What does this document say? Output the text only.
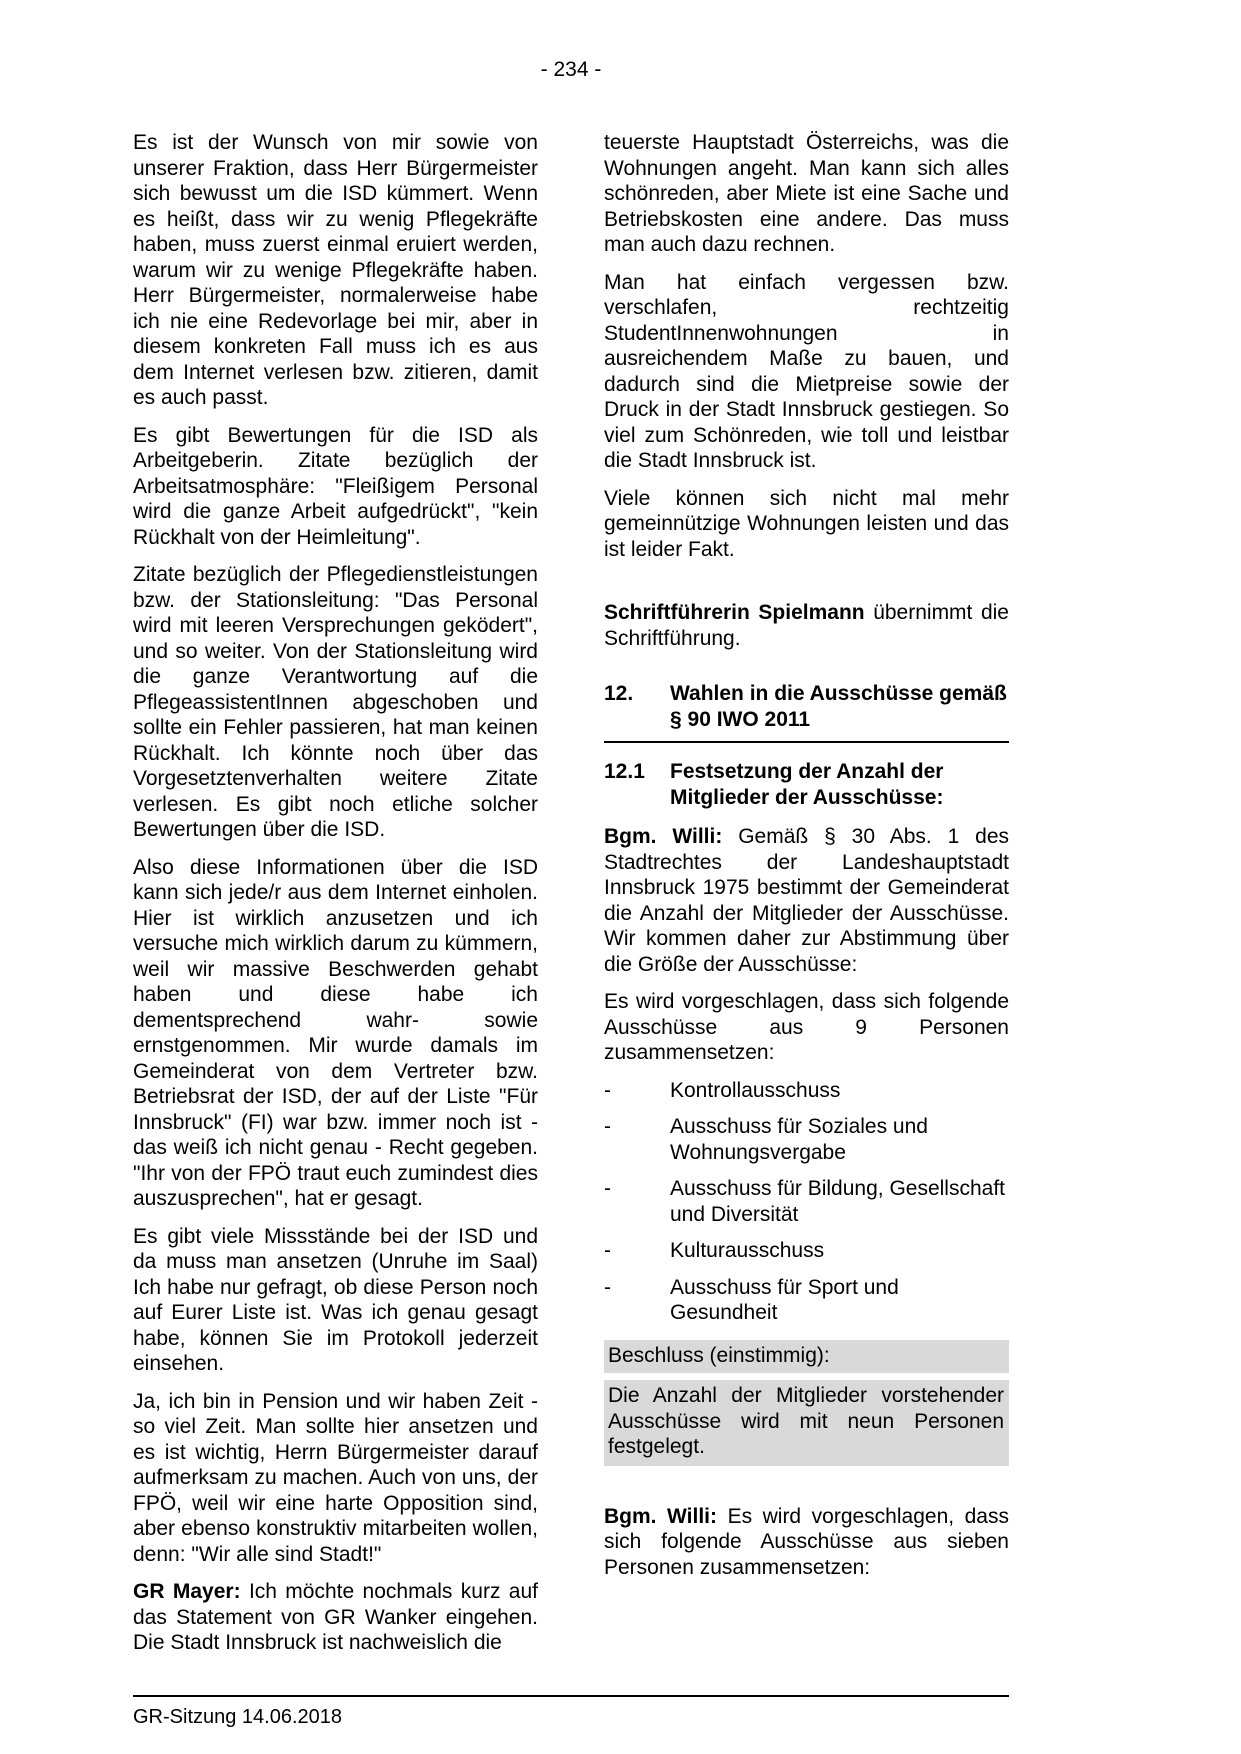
- 234 -

Es ist der Wunsch von mir sowie von unserer Fraktion, dass Herr Bürgermeister sich bewusst um die ISD kümmert. Wenn es heißt, dass wir zu wenig Pflegekräfte haben, muss zuerst einmal eruiert werden, warum wir zu wenige Pflegekräfte haben. Herr Bürgermeister, normalerweise habe ich nie eine Redevorlage bei mir, aber in diesem konkreten Fall muss ich es aus dem Internet verlesen bzw. zitieren, damit es auch passt.

Es gibt Bewertungen für die ISD als Arbeitgeberin. Zitate bezüglich der Arbeitsatmosphäre: "Fleißigem Personal wird die ganze Arbeit aufgedrückt", "kein Rückhalt von der Heimleitung".

Zitate bezüglich der Pflegedienstleistungen bzw. der Stationsleitung: "Das Personal wird mit leeren Versprechungen geködert", und so weiter. Von der Stationsleitung wird die ganze Verantwortung auf die PflegeassistentInnen abgeschoben und sollte ein Fehler passieren, hat man keinen Rückhalt. Ich könnte noch über das Vorgesetztenverhalten weitere Zitate verlesen. Es gibt noch etliche solcher Bewertungen über die ISD.

Also diese Informationen über die ISD kann sich jede/r aus dem Internet einholen. Hier ist wirklich anzusetzen und ich versuche mich wirklich darum zu kümmern, weil wir massive Beschwerden gehabt haben und diese habe ich dementsprechend wahr- sowie ernstgenommen. Mir wurde damals im Gemeinderat von dem Vertreter bzw. Betriebsrat der ISD, der auf der Liste "Für Innsbruck" (FI) war bzw. immer noch ist - das weiß ich nicht genau - Recht gegeben. "Ihr von der FPÖ traut euch zumindest dies auszusprechen", hat er gesagt.

Es gibt viele Missstände bei der ISD und da muss man ansetzen (Unruhe im Saal) Ich habe nur gefragt, ob diese Person noch auf Eurer Liste ist. Was ich genau gesagt habe, können Sie im Protokoll jederzeit einsehen.

Ja, ich bin in Pension und wir haben Zeit - so viel Zeit. Man sollte hier ansetzen und es ist wichtig, Herrn Bürgermeister darauf aufmerksam zu machen. Auch von uns, der FPÖ, weil wir eine harte Opposition sind, aber ebenso konstruktiv mitarbeiten wollen, denn: "Wir alle sind Stadt!"

GR Mayer: Ich möchte nochmals kurz auf das Statement von GR Wanker eingehen. Die Stadt Innsbruck ist nachweislich die

teuerste Hauptstadt Österreichs, was die Wohnungen angeht. Man kann sich alles schönreden, aber Miete ist eine Sache und Betriebskosten eine andere. Das muss man auch dazu rechnen.

Man hat einfach vergessen bzw. verschlafen, rechtzeitig StudentInnenwohnungen in ausreichendem Maße zu bauen, und dadurch sind die Mietpreise sowie der Druck in der Stadt Innsbruck gestiegen. So viel zum Schönreden, wie toll und leistbar die Stadt Innsbruck ist.

Viele können sich nicht mal mehr gemeinnützige Wohnungen leisten und das ist leider Fakt.

Schriftführerin Spielmann übernimmt die Schriftführung.

12.	Wahlen in die Ausschüsse gemäß § 90 IWO 2011
12.1	Festsetzung der Anzahl der Mitglieder der Ausschüsse:

Bgm. Willi: Gemäß § 30 Abs. 1 des Stadtrechtes der Landeshauptstadt Innsbruck 1975 bestimmt der Gemeinderat die Anzahl der Mitglieder der Ausschüsse. Wir kommen daher zur Abstimmung über die Größe der Ausschüsse:

Es wird vorgeschlagen, dass sich folgende Ausschüsse aus 9 Personen zusammensetzen:

-	Kontrollausschuss
-	Ausschuss für Soziales und Wohnungsvergabe
-	Ausschuss für Bildung, Gesellschaft und Diversität
-	Kulturausschuss
-	Ausschuss für Sport und Gesundheit
Beschluss (einstimmig):
Die Anzahl der Mitglieder vorstehender Ausschüsse wird mit neun Personen festgelegt.

Bgm. Willi: Es wird vorgeschlagen, dass sich folgende Ausschüsse aus sieben Personen zusammensetzen:

GR-Sitzung 14.06.2018
